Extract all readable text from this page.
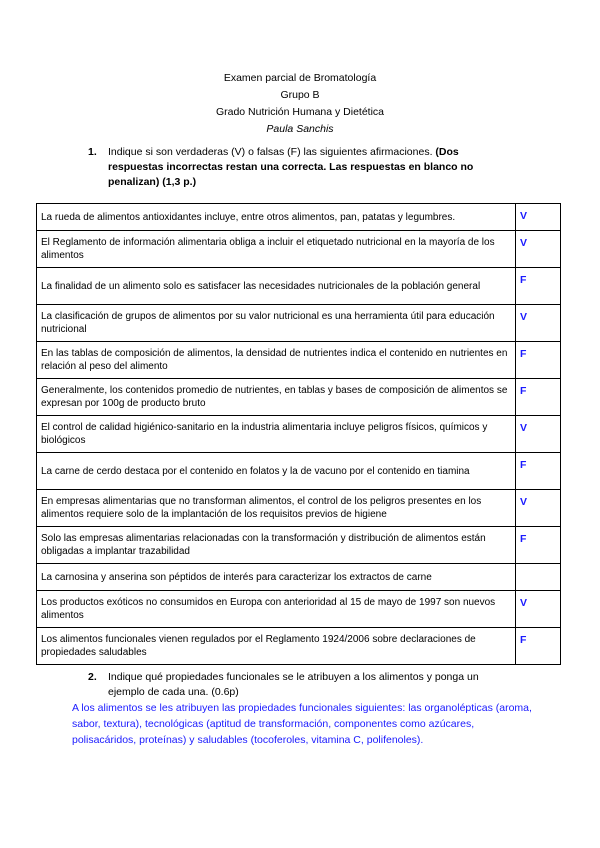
Examen parcial de Bromatología
Grupo B
Grado Nutrición Humana y Dietética
Paula Sanchis
1. Indique si son verdaderas (V) o falsas (F) las siguientes afirmaciones. (Dos respuestas incorrectas restan una correcta. Las respuestas en blanco no penalizan) (1,3 p.)
La rueda de alimentos antioxidantes incluye, entre otros alimentos, pan, patatas y legumbres.	V
El Reglamento de información alimentaria obliga a incluir el etiquetado nutricional en la mayoría de los alimentos	V
La finalidad de un alimento solo es satisfacer las necesidades nutricionales de la población general	F
La clasificación de grupos de alimentos por su valor nutricional es una herramienta útil para educación nutricional	V
En las tablas de composición de alimentos, la densidad de nutrientes indica el contenido en nutrientes en relación al peso del alimento	F
Generalmente, los contenidos promedio de nutrientes, en tablas y bases de composición de alimentos se expresan por 100g de producto bruto	F
El control de calidad higiénico-sanitario en la industria alimentaria incluye peligros físicos, químicos y biológicos	V
La carne de cerdo destaca por el contenido en folatos y la de vacuno por el contenido en tiamina	F
En empresas alimentarias que no transforman alimentos, el control de los peligros presentes en los alimentos requiere solo de la implantación de los requisitos previos de higiene	V
Solo las empresas alimentarias relacionadas con la transformación y distribución de alimentos están obligadas a implantar trazabilidad	F
La carnosina y anserina son péptidos de interés para caracterizar los extractos de carne	
Los productos exóticos no consumidos en Europa con anterioridad al 15 de mayo de 1997 son nuevos alimentos	V
Los alimentos funcionales vienen regulados por el Reglamento 1924/2006 sobre declaraciones de propiedades saludables	F
2. Indique qué propiedades funcionales se le atribuyen a los alimentos y ponga un ejemplo de cada una. (0.6p)
A los alimentos se les atribuyen las propiedades funcionales siguientes: las organolépticas (aroma, sabor, textura), tecnológicas (aptitud de transformación, componentes como azúcares, polisacáridos, proteínas) y saludables (tocoferoles, vitamina C, polifenoles).
